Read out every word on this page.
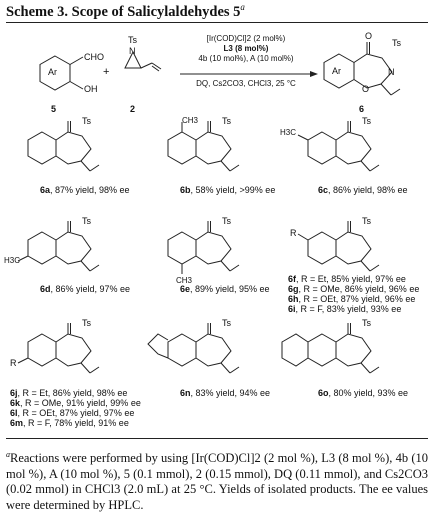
Scheme 3. Scope of Salicylaldehydes 5$^a$
Ar
CHO
OH
5
+
Ts
N
2
[Ir(COD)Cl]2 (2 mol%)
L3 (8 mol%)
4b (10 mol%), A (10 mol%)
DQ, Cs2CO3, CHCl3, 25 °C
Ar
O
Ts
N
O
6
Ts	Ts	Ts
CH3
H3C
Ts	Ts	Ts
H3C
CH3
R
Ts	Ts	Ts
R
6a, 87% yield, 98% ee	6b, 58% yield, >99% ee	6c, 86% yield, 98% ee
6d, 86% yield, 97% ee	6e, 89% yield, 95% ee
6f, R = Et, 85% yield, 97% ee
6g, R = OMe, 86% yield, 96% ee
6h, R = OEt, 87% yield, 96% ee
6i, R = F, 83% yield, 93% ee
6j, R = Et, 86% yield, 98% ee
6k, R = OMe, 91% yield, 99% ee
6l, R = OEt, 87% yield, 97% ee
6m, R = F, 78% yield, 91% ee
6n, 83% yield, 94% ee	6o, 80% yield, 93% ee
$^a$Reactions were performed by using [Ir(COD)Cl]2 (2 mol %), L3 (8 mol %), 4b (10 mol %), A (10 mol %), 5 (0.1 mmol), 2 (0.15 mmol), DQ (0.11 mmol), and Cs2CO3 (0.02 mmol) in CHCl3 (2.0 mL) at 25 °C. Yields of isolated products. The ee values were determined by HPLC.
